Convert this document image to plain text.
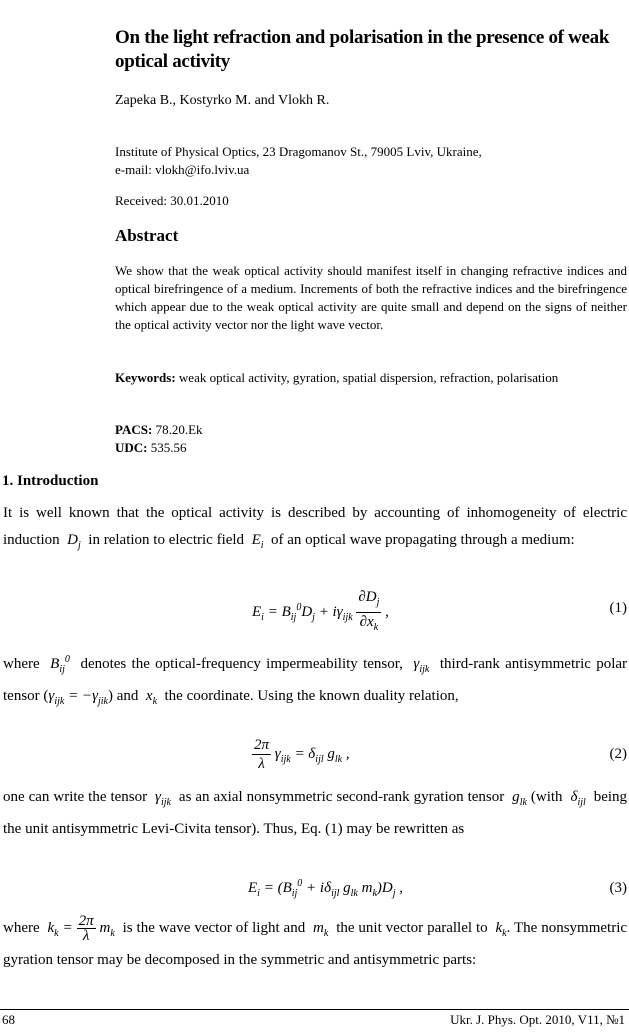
On the light refraction and polarisation in the presence of weak optical activity
Zapeka B., Kostyrko M. and Vlokh R.
Institute of Physical Optics, 23 Dragomanov St., 79005 Lviv, Ukraine,
e-mail: vlokh@ifo.lviv.ua
Received: 30.01.2010
Abstract
We show that the weak optical activity should manifest itself in changing refractive indices and optical birefringence of a medium. Increments of both the refractive indices and the birefringence which appear due to the weak optical activity are quite small and depend on the signs of neither the optical activity vector nor the light wave vector.
Keywords: weak optical activity, gyration, spatial dispersion, refraction, polarisation
PACS: 78.20.Ek
UDC: 535.56
1. Introduction
It is well known that the optical activity is described by accounting of inhomogeneity of electric induction  $D_j$ in relation to electric field  $E_i$ of an optical wave propagating through a medium:
$E_i = B_{ij}^0D_j + i\gamma_{ijk} \frac{\partial D_j}{\partial x_k}$ ,	(1)
where  $B_{ij}^0$ denotes the optical-frequency impermeability tensor,  $\gamma_{ijk}$ third-rank antisymmetric polar tensor $(\gamma_{ijk} = -\gamma_{jik})$ and  $x_k$ the coordinate. Using the known duality relation,
$\frac{2\pi}{\lambda} \gamma_{ijk} = \delta_{ijl}$ $g_{lk}$ ,	(2)
one can write the tensor  $\gamma_{ijk}$ as an axial nonsymmetric second-rank gyration tensor  $g_{lk}$ (with  $\delta_{ijl}$ being the unit antisymmetric Levi-Civita tensor). Thus, Eq. (1) may be rewritten as
$E_i = (B_{ij}^0 + i\delta_{ijl}$ $g_{lk}$ $m_k)D_j$ ,	(3)
where  $k_k = \frac{2\pi}{\lambda} m_k$ is the wave vector of light and  $m_k$ the unit vector parallel to  $k_k$. The nonsymmetric gyration tensor may be decomposed in the symmetric and antisymmetric parts:
68	Ukr. J. Phys. Opt. 2010, V11, №1
